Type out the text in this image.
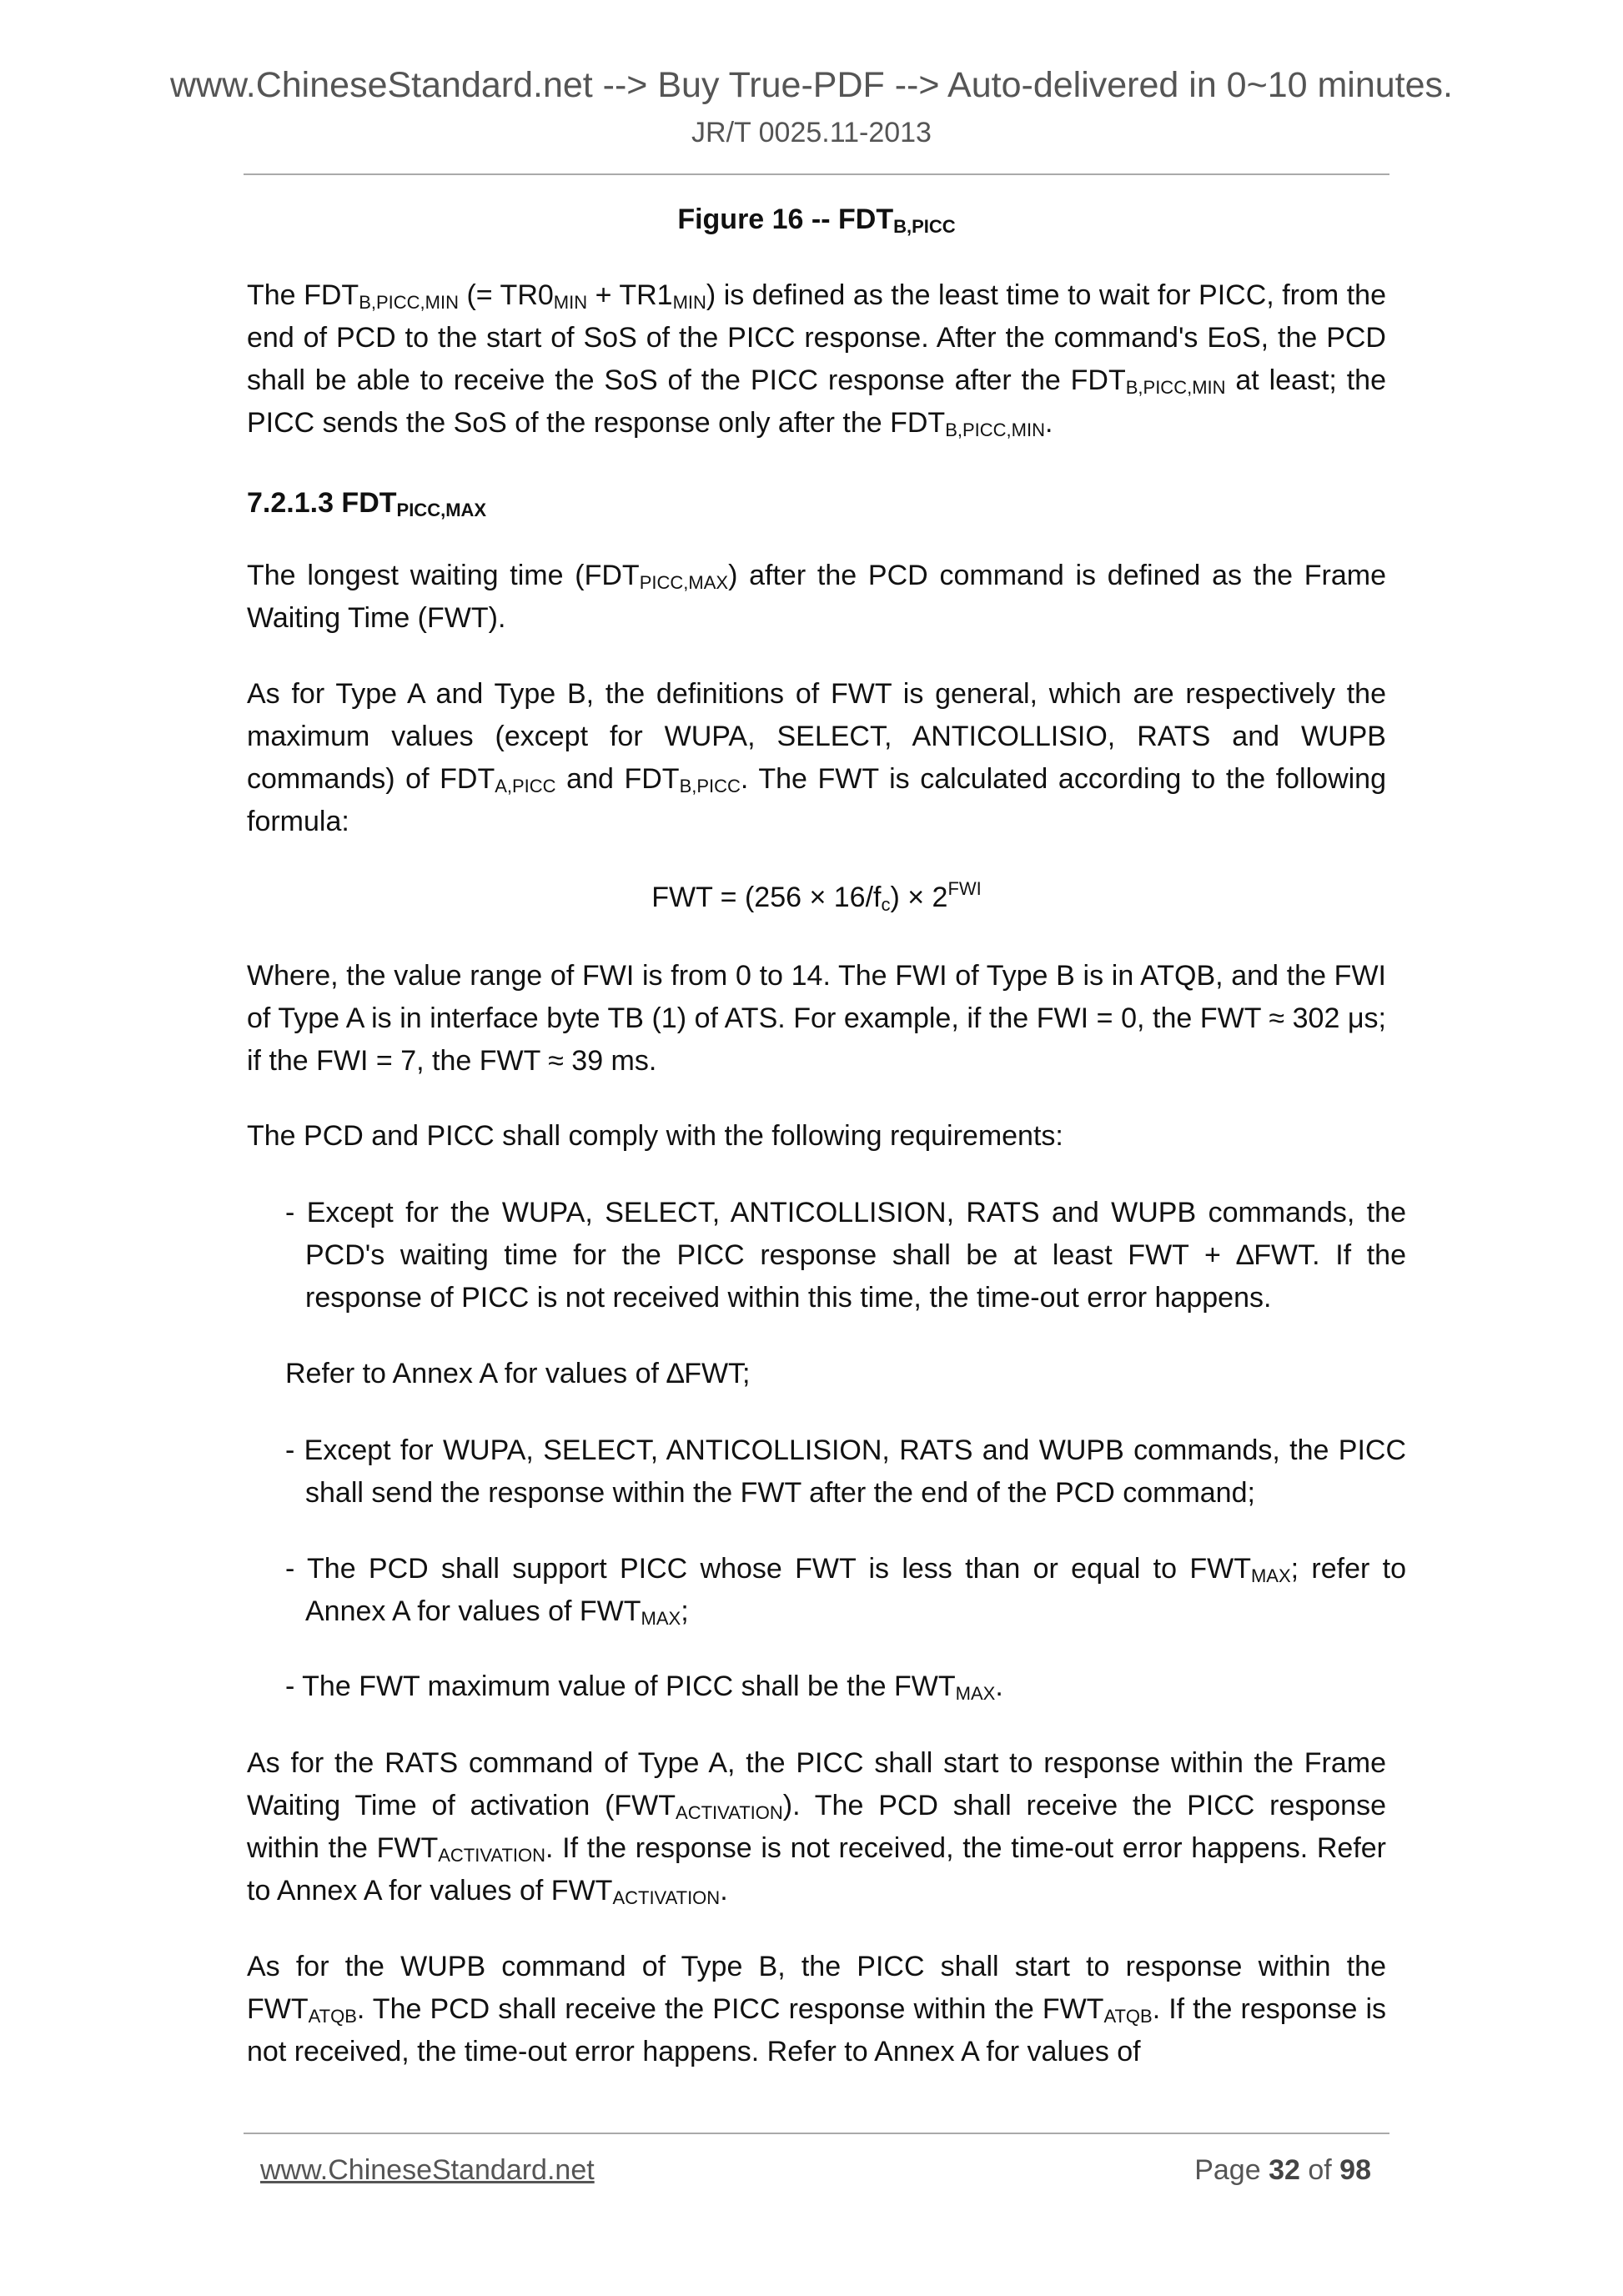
www.ChineseStandard.net --> Buy True-PDF --> Auto-delivered in 0~10 minutes.
JR/T 0025.11-2013
Figure $16 -- FDT_{B,PICC}$
The $FDT_{B,PICC,MIN}$ (= $TR0_{MIN} + TR1_{MIN}$) is defined as the least time to wait for PICC, from the end of PCD to the start of SoS of the PICC response. After the command's EoS, the PCD shall be able to receive the SoS of the PICC response after the $FDT_{B,PICC,MIN}$ at least; the PICC sends the SoS of the response only after the $FDT_{B,PICC,MIN}$.
7.2.1.3 $FDT_{PICC,MAX}$
The longest waiting time $(FDT_{PICC,MAX})$ after the PCD command is defined as the Frame Waiting Time (FWT).
As for Type A and Type B, the definitions of FWT is general, which are respectively the maximum values (except for WUPA, SELECT, ANTICOLLISIO, RATS and WUPB commands) of $FDT_{A,PICC}$ and $FDT_{B,PICC}$. The FWT is calculated according to the following formula:
FWT = $(256 \times 16/f_c) \times 2^{FWI}$
Where, the value range of FWI is from 0 to 14. The FWI of Type B is in ATQB, and the FWI of Type A is in interface byte TB (1) of ATS. For example, if the FWI = 0, the FWT ≈ 302 μs; if the FWI = 7, the FWT ≈ 39 ms.
The PCD and PICC shall comply with the following requirements:
- Except for the WUPA, SELECT, ANTICOLLISION, RATS and WUPB commands, the PCD's waiting time for the PICC response shall be at least FWT + ∆FWT. If the response of PICC is not received within this time, the time-out error happens.
Refer to Annex A for values of ∆FWT;
- Except for WUPA, SELECT, ANTICOLLISION, RATS and WUPB commands, the PICC shall send the response within the FWT after the end of the PCD command;
- The PCD shall support PICC whose FWT is less than or equal to $FWT_{MAX}$; refer to Annex A for values of $FWT_{MAX}$;
- The FWT maximum value of PICC shall be the $FWT_{MAX}$.
As for the RATS command of Type A, the PICC shall start to response within the Frame Waiting Time of activation $(FWT_{ACTIVATION})$. The PCD shall receive the PICC response within the $FWT_{ACTIVATION}$. If the response is not received, the time-out error happens. Refer to Annex A for values of $FWT_{ACTIVATION}$.
As for the WUPB command of Type B, the PICC shall start to response within the $FWT_{ATQB}$. The PCD shall receive the PICC response within the $FWT_{ATQB}$. If the response is not received, the time-out error happens. Refer to Annex A for values of
www.ChineseStandard.net	Page 32 of 98
